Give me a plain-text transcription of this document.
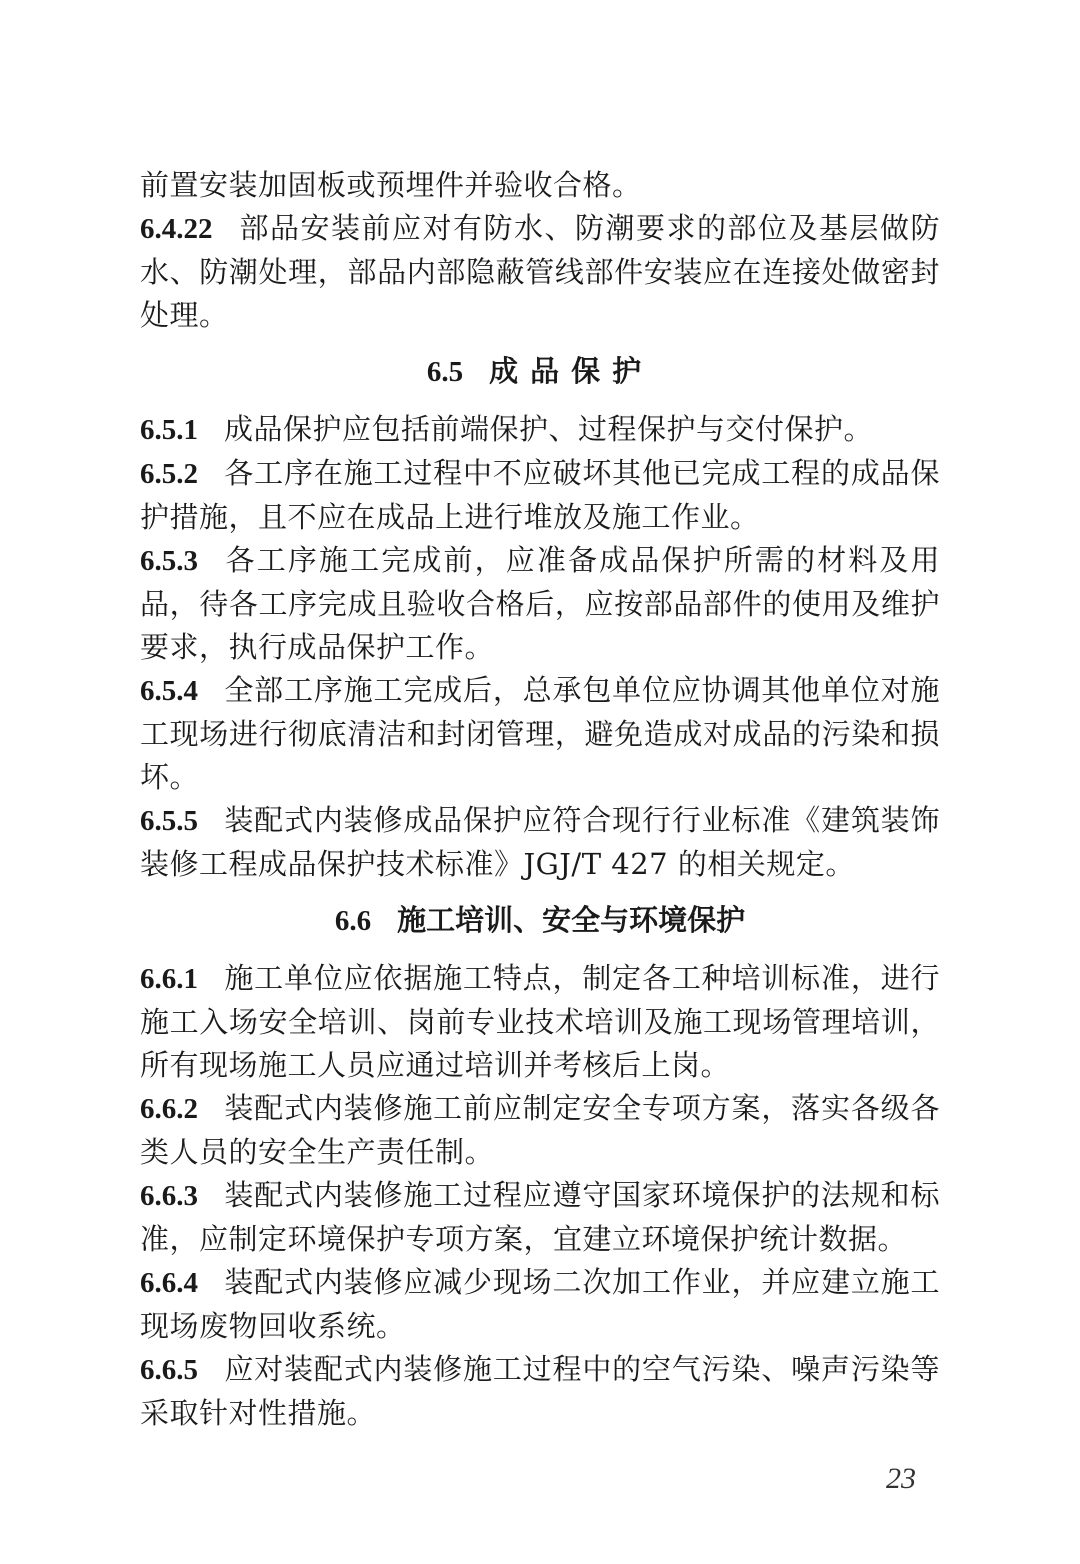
前置安装加固板或预埋件并验收合格。

6.4.22 部品安装前应对有防水、防潮要求的部位及基层做防水、防潮处理，部品内部隐蔽管线部件安装应在连接处做密封处理。

6.5 成品保护

6.5.1 成品保护应包括前端保护、过程保护与交付保护。

6.5.2 各工序在施工过程中不应破坏其他已完成工程的成品保护措施，且不应在成品上进行堆放及施工作业。

6.5.3 各工序施工完成前，应准备成品保护所需的材料及用品，待各工序完成且验收合格后，应按部品部件的使用及维护要求，执行成品保护工作。

6.5.4 全部工序施工完成后，总承包单位应协调其他单位对施工现场进行彻底清洁和封闭管理，避免造成对成品的污染和损坏。

6.5.5 装配式内装修成品保护应符合现行行业标准《建筑装饰装修工程成品保护技术标准》JGJ/T 427 的相关规定。

6.6 施工培训、安全与环境保护

6.6.1 施工单位应依据施工特点，制定各工种培训标准，进行施工入场安全培训、岗前专业技术培训及施工现场管理培训，所有现场施工人员应通过培训并考核后上岗。

6.6.2 装配式内装修施工前应制定安全专项方案，落实各级各类人员的安全生产责任制。

6.6.3 装配式内装修施工过程应遵守国家环境保护的法规和标准，应制定环境保护专项方案，宜建立环境保护统计数据。

6.6.4 装配式内装修应减少现场二次加工作业，并应建立施工现场废物回收系统。

6.6.5 应对装配式内装修施工过程中的空气污染、噪声污染等采取针对性措施。

23
